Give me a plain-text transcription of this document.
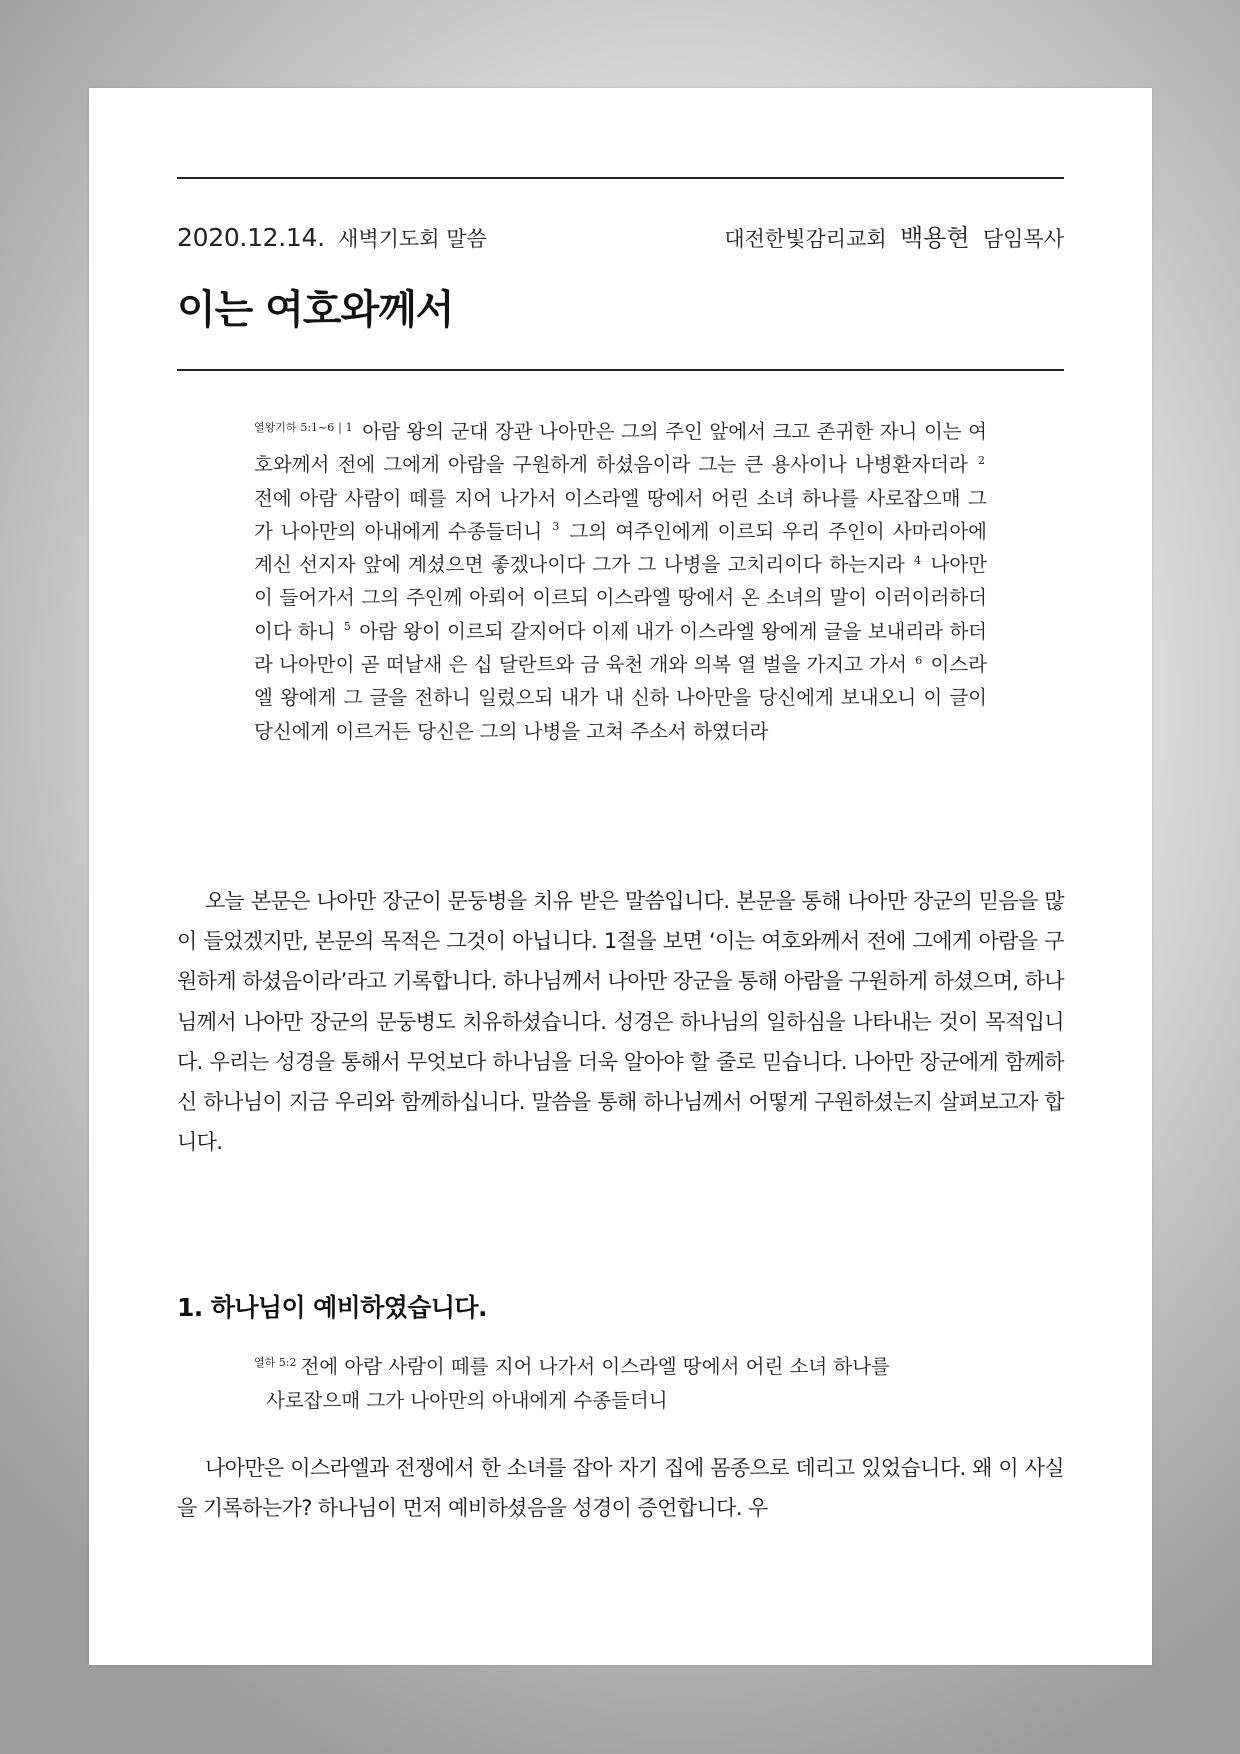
2020.12.14. 새벽기도회 말씀	대전한빛감리교회 백용현 담임목사
이는 여호와께서

$^{열왕기하 5:1\sim 6 | 1}$ 아람 왕의 군대 장관 나아만은 그의 주인 앞에서 크고 존귀한 자니 이는 여호와께서 전에 그에게 아람을 구원하게 하셨음이라 그는 큰 용사이나 나병환자더라 $^2$ 전에 아람 사람이 떼를 지어 나가서 이스라엘 땅에서 어린 소녀 하나를 사로잡으매 그가 나아만의 아내에게 수종들더니 $^3$ 그의 여주인에게 이르되 우리 주인이 사마리아에 계신 선지자 앞에 계셨으면 좋겠나이다 그가 그 나병을 고치리이다 하는지라 $^4$ 나아만이 들어가서 그의 주인께 아뢰어 이르되 이스라엘 땅에서 온 소녀의 말이 이러이러하더이다 하니 $^5$ 아람 왕이 이르되 갈지어다 이제 내가 이스라엘 왕에게 글을 보내리라 하더라 나아만이 곧 떠날새 은 십 달란트와 금 육천 개와 의복 열 벌을 가지고 가서 $^6$ 이스라엘 왕에게 그 글을 전하니 일렀으되 내가 내 신하 나아만을 당신에게 보내오니 이 글이 당신에게 이르거든 당신은 그의 나병을 고쳐 주소서 하였더라

오늘 본문은 나아만 장군이 문둥병을 치유 받은 말씀입니다. 본문을 통해 나아만 장군의 믿음을 많이 들었겠지만, 본문의 목적은 그것이 아닙니다. 1절을 보면 ‘이는 여호와께서 전에 그에게 아람을 구원하게 하셨음이라’라고 기록합니다. 하나님께서 나아만 장군을 통해 아람을 구원하게 하셨으며, 하나님께서 나아만 장군의 문둥병도 치유하셨습니다. 성경은 하나님의 일하심을 나타내는 것이 목적입니다. 우리는 성경을 통해서 무엇보다 하나님을 더욱 알아야 할 줄로 믿습니다. 나아만 장군에게 함께하신 하나님이 지금 우리와 함께하십니다. 말씀을 통해 하나님께서 어떻게 구원하셨는지 살펴보고자 합니다.

1. 하나님이 예비하였습니다.

$^{열하 5:2}$ 전에 아람 사람이 떼를 지어 나가서 이스라엘 땅에서 어린 소녀 하나를
사로잡으매 그가 나아만의 아내에게 수종들더니

나아만은 이스라엘과 전쟁에서 한 소녀를 잡아 자기 집에 몸종으로 데리고 있었습니다. 왜 이 사실을 기록하는가? 하나님이 먼저 예비하셨음을 성경이 증언합니다. 우
